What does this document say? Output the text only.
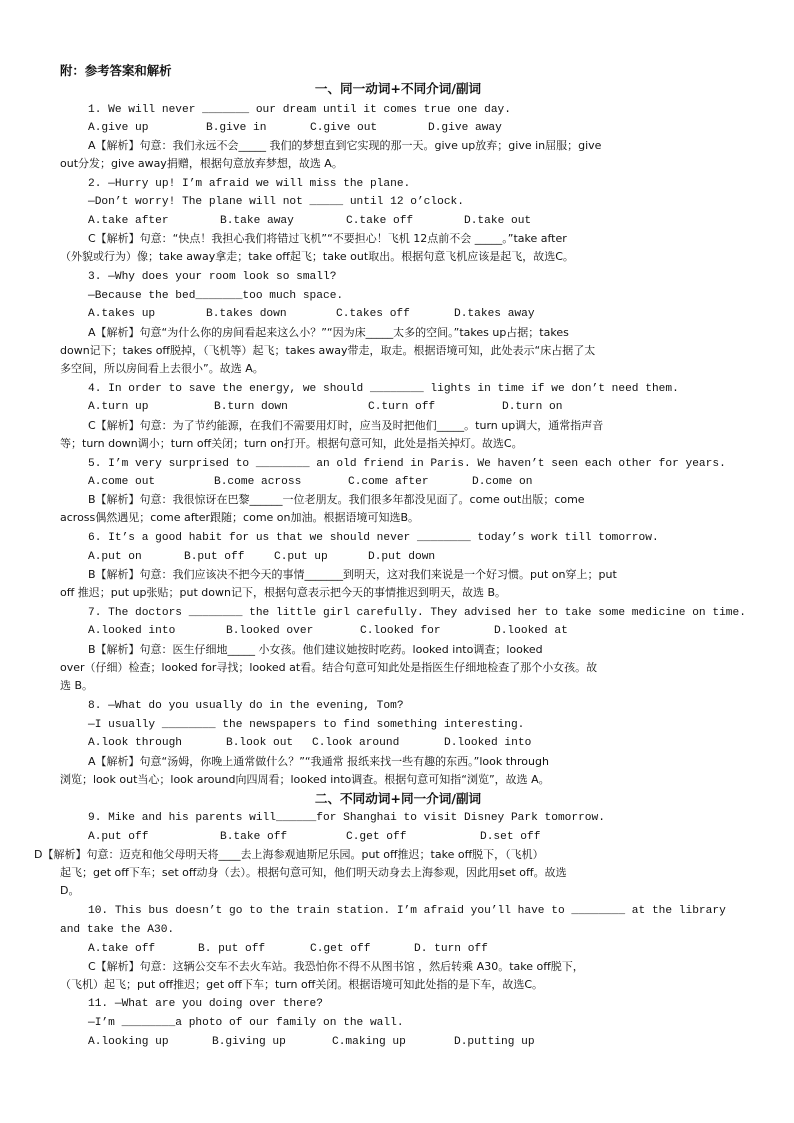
附：参考答案和解析
一、同一动词+不同介词/副词
二、不同动词+同一介词/副词
1. We will never _______ our dream until it comes true one day.
A.give up	B.give in	C.give out	D.give away
A【解析】句意：我们永远不会_____ 我们的梦想直到它实现的那一天。give up放弃；give in屈服；give
out分发；give away捐赠，根据句意放弃梦想，故选 A。
2. —Hurry up! I’m afraid we will miss the plane.
—Don’t worry! The plane will not _____ until 12 o’clock.
A.take after	B.take away	C.take off	D.take out
C【解析】句意：“快点！我担心我们将错过飞机”“不要担心！飞机 12点前不会 _____。”take after
（外貌或行为）像；take away拿走；take off起飞；take out取出。根据句意飞机应该是起飞，故选C。
3. —Why does your room look so small?
—Because the bed_______too much space.
A.takes up	B.takes down	C.takes off	D.takes away
A【解析】句意“为什么你的房间看起来这么小？”“因为床_____太多的空间。”takes up占据；takes
down记下；takes off脱掉，（飞机等）起飞；takes away带走，取走。根据语境可知，此处表示“床占据了太
多空间，所以房间看上去很小”。故选 A。
4. In order to save the energy, we should ________ lights in time if we don’t need them.
A.turn up	B.turn down	C.turn off	D.turn on
C【解析】句意：为了节约能源，在我们不需要用灯时，应当及时把他们_____。turn up调大，通常指声音
等；turn down调小；turn off关闭；turn on打开。根据句意可知，此处是指关掉灯。故选C。
5. I’m very surprised to ________ an old friend in Paris. We haven’t seen each other for years.
A.come out	B.come across	C.come after	D.come on
B【解析】句意：我很惊讶在巴黎______一位老朋友。我们很多年都没见面了。come out出版；come
across偶然遇见；come after跟随；come on加油。根据语境可知选B。
6. It’s a good habit for us that we should never ________ today’s work till tomorrow.
A.put on	B.put off	C.put up	D.put down
B【解析】句意：我们应该决不把今天的事情_______到明天，这对我们来说是一个好习惯。put on穿上；put
off 推迟；put up张贴；put down记下，根据句意表示把今天的事情推迟到明天，故选 B。
7. The doctors ________ the little girl carefully. They advised her to take some medicine on time.
A.looked into	B.looked over	C.looked for	D.looked at
B【解析】句意：医生仔细地_____ 小女孩。他们建议她按时吃药。looked into调查；looked
over（仔细）检查；looked for寻找；looked at看。结合句意可知此处是指医生仔细地检查了那个小女孩。故
选 B。
8. —What do you usually do in the evening, Tom?
—I usually ________ the newspapers to find something interesting.
A.look through	B.look out C.look around	D.looked into
A【解析】句意“汤姆，你晚上通常做什么？”“我通常 报纸来找一些有趣的东西。”look through
浏览；look out当心；look around向四周看；looked into调查。根据句意可知指“浏览”，故选 A。
9. Mike and his parents will______for Shanghai to visit Disney Park tomorrow.
A.put off	B.take off	C.get off	D.set off
D【解析】句意：迈克和他父母明天将____去上海参观迪斯尼乐园。put off推迟；take off脱下，（飞机）
起飞；get off下车；set off动身（去）。根据句意可知，他们明天动身去上海参观，因此用set off。故选
D。
10. This bus doesn’t go to the train station. I’m afraid you’ll have to ________ at the library
and take the A30.
A.take off	B. put off	C.get off	D. turn off
C【解析】句意：这辆公交车不去火车站。我恐怕你不得不从图书馆 ，然后转乘 A30。take off脱下，
（飞机）起飞；put off推迟；get off下车；turn off关闭。根据语境可知此处指的是下车，故选C。
11. —What are you doing over there?
—I’m ________a photo of our family on the wall.
A.looking up	B.giving up	C.making up	D.putting up
